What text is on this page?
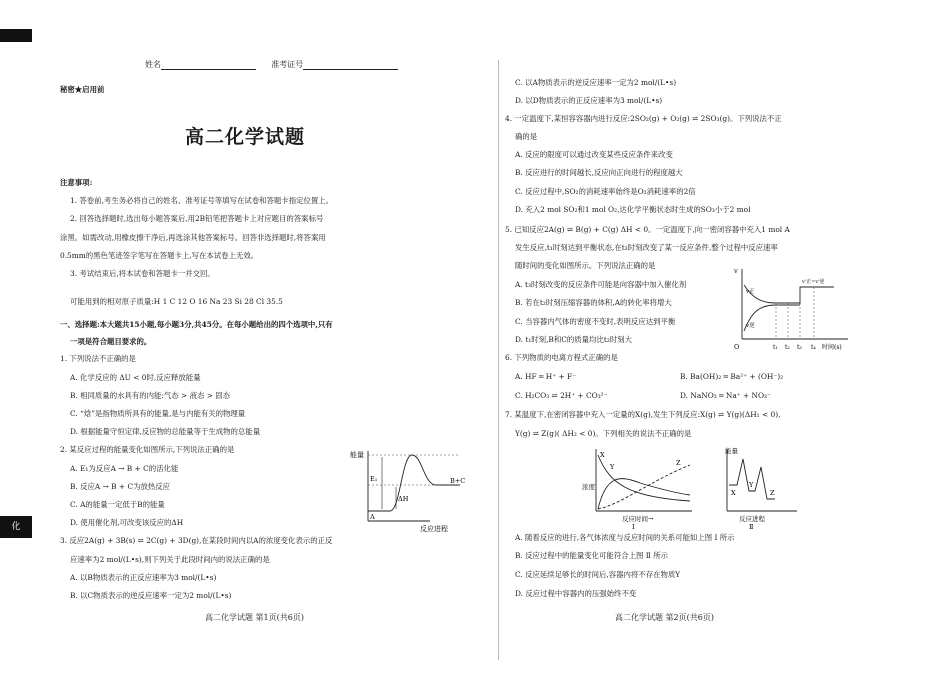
化
姓名	准考证号
秘密★启用前
高二化学试题
注意事项:
1. 答卷前,考生务必将自己的姓名、准考证号等填写在试卷和答题卡指定位置上。
2. 回答选择题时,选出每小题答案后,用2B铅笔把答题卡上对应题目的答案标号
涂黑。如需改动,用橡皮擦干净后,再选涂其他答案标号。回答非选择题时,将答案用
0.5mm的黑色笔迹签字笔写在答题卡上,写在本试卷上无效。
3. 考试结束后,将本试卷和答题卡一并交回。
可能用到的相对原子质量:H 1 C 12 O 16 Na 23 Si 28 Cl 35.5
一、选择题:本大题共15小题,每小题3分,共45分。在每小题给出的四个选项中,只有
一项是符合题目要求的。
1. 下列说法不正确的是
A. 化学反应的 ΔU < 0时,反应释放能量
B. 相同质量的水具有的内能:气态 > 液态 > 固态
C. “焓”是指物质所具有的能量,是与内能有关的物理量
D. 根据能量守恒定律,反应物的总能量等于生成物的总能量
2. 某反应过程的能量变化如图所示,下列说法正确的是
A. E₁为反应A → B + C的活化能
B. 反应A → B + C为放热反应
C. A的能量一定低于B的能量
D. 使用催化剂,可改变该反应的ΔH
3. 反应2A(g) + 3B(s) ⇌ 2C(g) + 3D(g),在某段时间内以A的浓度变化表示的正反
应速率为2 mol/(L•s),则下列关于此段时间内的说法正确的是
A. 以B物质表示的正反应速率为3 mol/(L•s)
B. 以C物质表示的逆反应速率一定为2 mol/(L•s)
能量
E₁	B+C
A
ΔH
反应进程
高二化学试题 第1页(共6页)
C. 以A物质表示的逆反应速率一定为2 mol/(L•s)
D. 以D物质表示的正反应速率为3 mol/(L•s)
4. 一定温度下,某恒容容器内进行反应:2SO₂(g) + O₂(g) ⇌ 2SO₃(g)。下列说法不正
确的是
A. 反应的限度可以通过改变某些反应条件来改变
B. 反应进行的时间越长,反应向正向进行的程度越大
C. 反应过程中,SO₂的消耗速率始终是O₂消耗速率的2倍
D. 充入2 mol SO₂和1 mol O₂,达化学平衡状态时生成的SO₃小于2 mol
5. 已知反应2A(g) ⇌ B(g) + C(g) ΔH < 0。一定温度下,向一密闭容器中充入1 mol A
发生反应,t₁时刻达到平衡状态,在t₃时刻改变了某一反应条件,整个过程中反应速率
随时间的变化如图所示。下列说法正确的是
A. t₃时刻改变的反应条件可能是向容器中加入催化剂
B. 若在t₂时刻压缩容器的体积,A的转化率将增大
C. 当容器内气体的密度不变时,表明反应达到平衡
D. t₁时刻,B和C的质量均比t₂时刻大
6. 下列物质的电离方程式正确的是
A. HF ═ H⁺ + F⁻	B. Ba(OH)₂ ═ Ba²⁺ + (OH⁻)₂
C. H₂CO₃ ⇌ 2H⁺ + CO₃²⁻	D. NaNO₃ ═ Na⁺ + NO₃⁻
7. 某温度下,在密闭容器中充入一定量的X(g),发生下列反应:X(g) ⇌ Y(g)(ΔH₁ < 0),
Y(g) ⇌ Z(g)( ΔH₂ < 0)。下列相关的说法不正确的是
A. 随着反应的进行,各气体浓度与反应时间的关系可能如上图 Ⅰ 所示
B. 反应过程中的能量变化可能符合上图 Ⅱ 所示
C. 反应延续足够长的时间后,容器内将不存在物质Y
D. 反应过程中容器内的压强始终不变
v
v正
v逆
v'正=v'逆
O	t₁ t₂ t₃ t₄ 时间(s)
浓度
X
Y	Z
反应时间→
Ⅰ
能量
X
Y
Z
反应进程
Ⅱ
高二化学试题 第2页(共6页)
